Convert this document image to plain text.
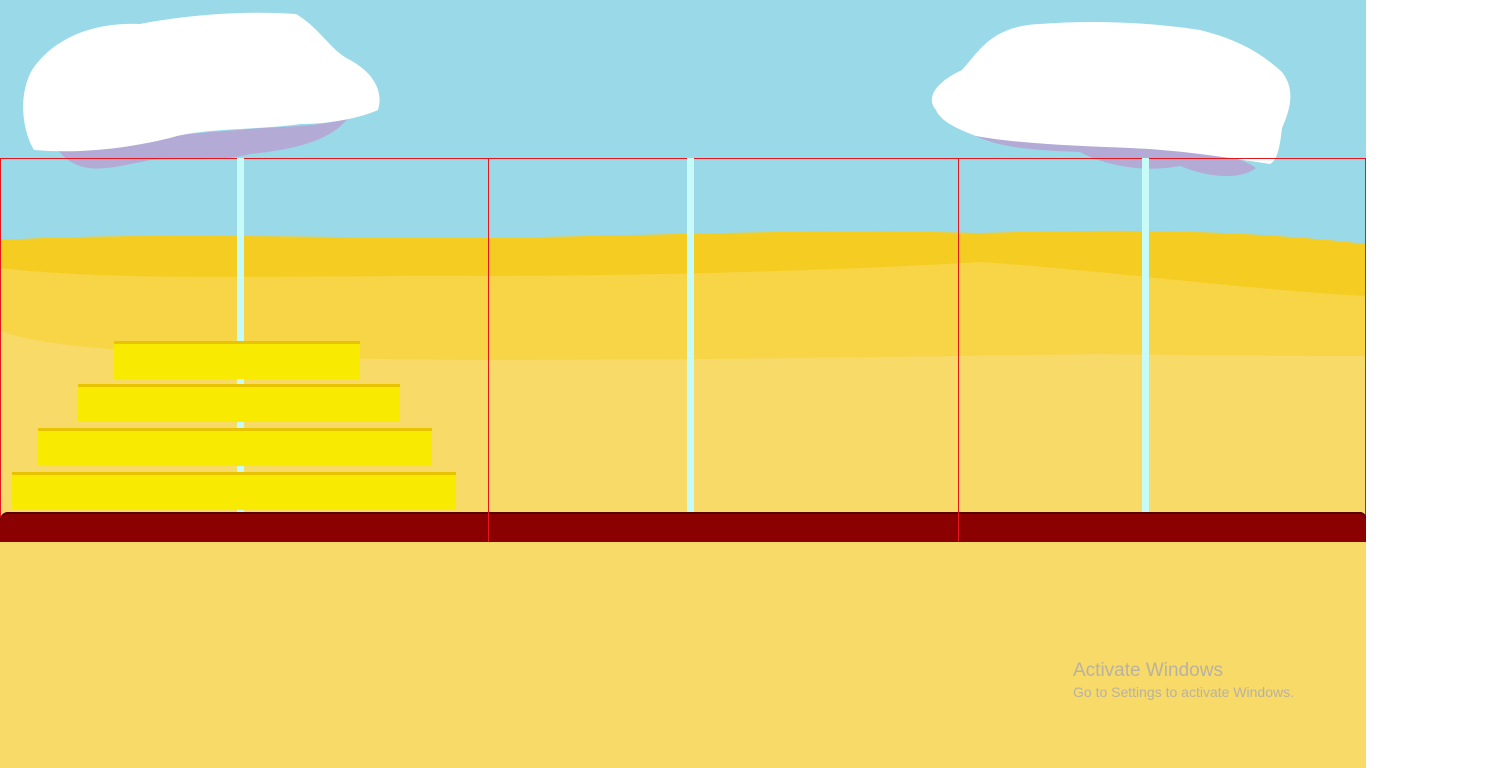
Activate Windows
Go to Settings to activate Windows.
